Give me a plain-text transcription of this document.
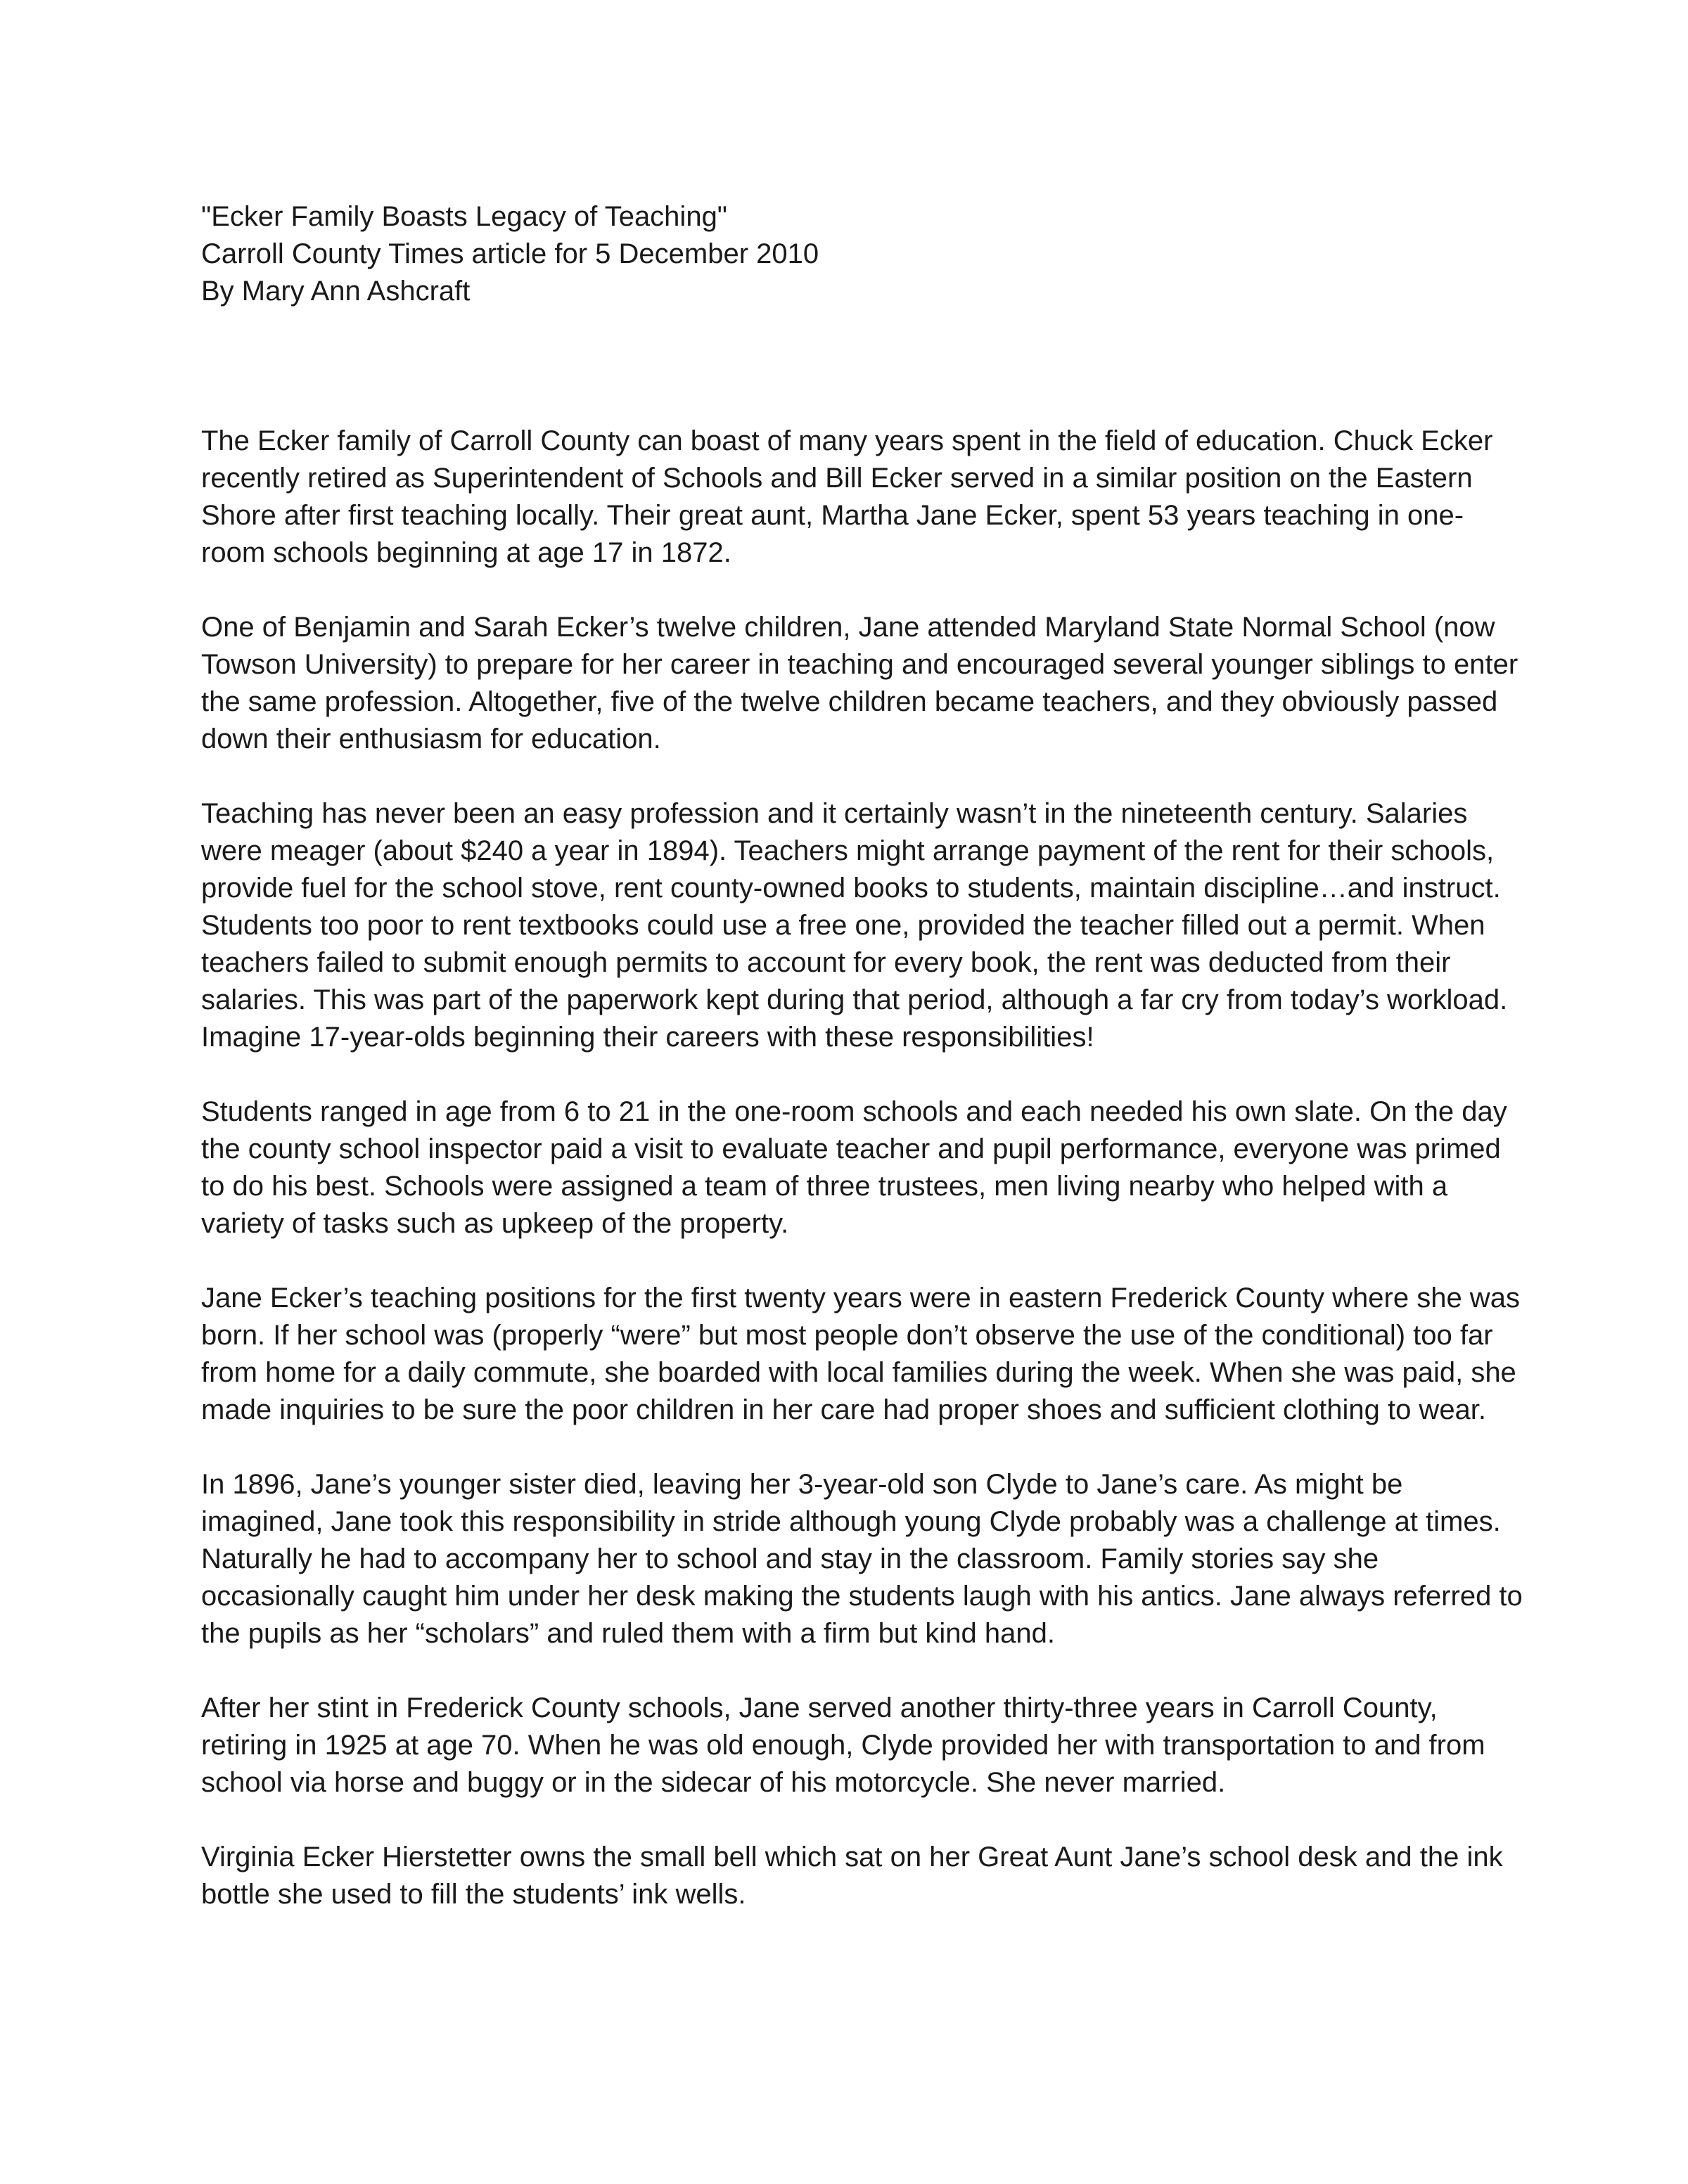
"Ecker Family Boasts Legacy of Teaching"
Carroll County Times article for 5 December 2010
By Mary Ann Ashcraft

The Ecker family of Carroll County can boast of many years spent in the field of education. Chuck Ecker recently retired as Superintendent of Schools and Bill Ecker served in a similar position on the Eastern Shore after first teaching locally. Their great aunt, Martha Jane Ecker, spent 53 years teaching in one-room schools beginning at age 17 in 1872.

One of Benjamin and Sarah Ecker’s twelve children, Jane attended Maryland State Normal School (now Towson University) to prepare for her career in teaching and encouraged several younger siblings to enter the same profession. Altogether, five of the twelve children became teachers, and they obviously passed down their enthusiasm for education.

Teaching has never been an easy profession and it certainly wasn’t in the nineteenth century. Salaries were meager (about $240 a year in 1894). Teachers might arrange payment of the rent for their schools, provide fuel for the school stove, rent county-owned books to students, maintain discipline…and instruct. Students too poor to rent textbooks could use a free one, provided the teacher filled out a permit. When teachers failed to submit enough permits to account for every book, the rent was deducted from their salaries. This was part of the paperwork kept during that period, although a far cry from today’s workload. Imagine 17-year-olds beginning their careers with these responsibilities!

Students ranged in age from 6 to 21 in the one-room schools and each needed his own slate. On the day the county school inspector paid a visit to evaluate teacher and pupil performance, everyone was primed to do his best. Schools were assigned a team of three trustees, men living nearby who helped with a variety of tasks such as upkeep of the property.

Jane Ecker’s teaching positions for the first twenty years were in eastern Frederick County where she was born. If her school was (properly “were” but most people don’t observe the use of the conditional) too far from home for a daily commute, she boarded with local families during the week. When she was paid, she made inquiries to be sure the poor children in her care had proper shoes and sufficient clothing to wear.

In 1896, Jane’s younger sister died, leaving her 3-year-old son Clyde to Jane’s care. As might be imagined, Jane took this responsibility in stride although young Clyde probably was a challenge at times. Naturally he had to accompany her to school and stay in the classroom. Family stories say she occasionally caught him under her desk making the students laugh with his antics. Jane always referred to the pupils as her “scholars” and ruled them with a firm but kind hand.

After her stint in Frederick County schools, Jane served another thirty-three years in Carroll County, retiring in 1925 at age 70. When he was old enough, Clyde provided her with transportation to and from school via horse and buggy or in the sidecar of his motorcycle. She never married.

Virginia Ecker Hierstetter owns the small bell which sat on her Great Aunt Jane’s school desk and the ink bottle she used to fill the students’ ink wells.
